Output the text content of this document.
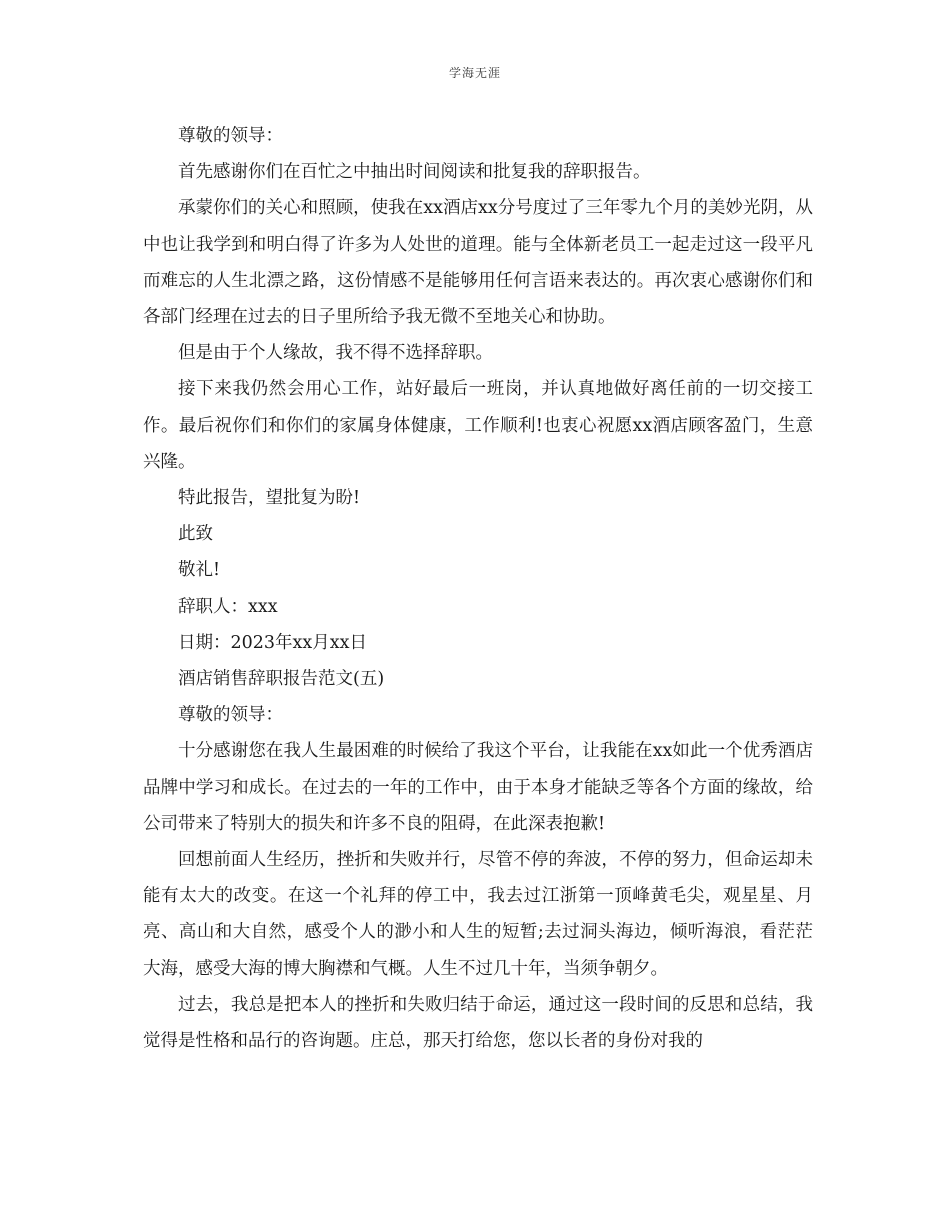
学海无涯

尊敬的领导：

首先感谢你们在百忙之中抽出时间阅读和批复我的辞职报告。

承蒙你们的关心和照顾，使我在xx酒店xx分号度过了三年零九个月的美妙光阴，从中也让我学到和明白得了许多为人处世的道理。能与全体新老员工一起走过这一段平凡而难忘的人生北漂之路，这份情感不是能够用任何言语来表达的。再次衷心感谢你们和各部门经理在过去的日子里所给予我无微不至地关心和协助。

但是由于个人缘故，我不得不选择辞职。

接下来我仍然会用心工作，站好最后一班岗，并认真地做好离任前的一切交接工作。最后祝你们和你们的家属身体健康，工作顺利!也衷心祝愿xx酒店顾客盈门，生意兴隆。

特此报告，望批复为盼!

此致

敬礼!

辞职人：xxx

日期：2023年xx月xx日

酒店销售辞职报告范文(五)

尊敬的领导：

十分感谢您在我人生最困难的时候给了我这个平台，让我能在xx如此一个优秀酒店品牌中学习和成长。在过去的一年的工作中，由于本身才能缺乏等各个方面的缘故，给公司带来了特别大的损失和许多不良的阻碍，在此深表抱歉!

回想前面人生经历，挫折和失败并行，尽管不停的奔波，不停的努力，但命运却未能有太大的改变。在这一个礼拜的停工中，我去过江浙第一顶峰黄毛尖，观星星、月亮、高山和大自然，感受个人的渺小和人生的短暂;去过洞头海边，倾听海浪，看茫茫大海，感受大海的博大胸襟和气概。人生不过几十年，当须争朝夕。

过去，我总是把本人的挫折和失败归结于命运，通过这一段时间的反思和总结，我觉得是性格和品行的咨询题。庄总，那天打给您，您以长者的身份对我的
